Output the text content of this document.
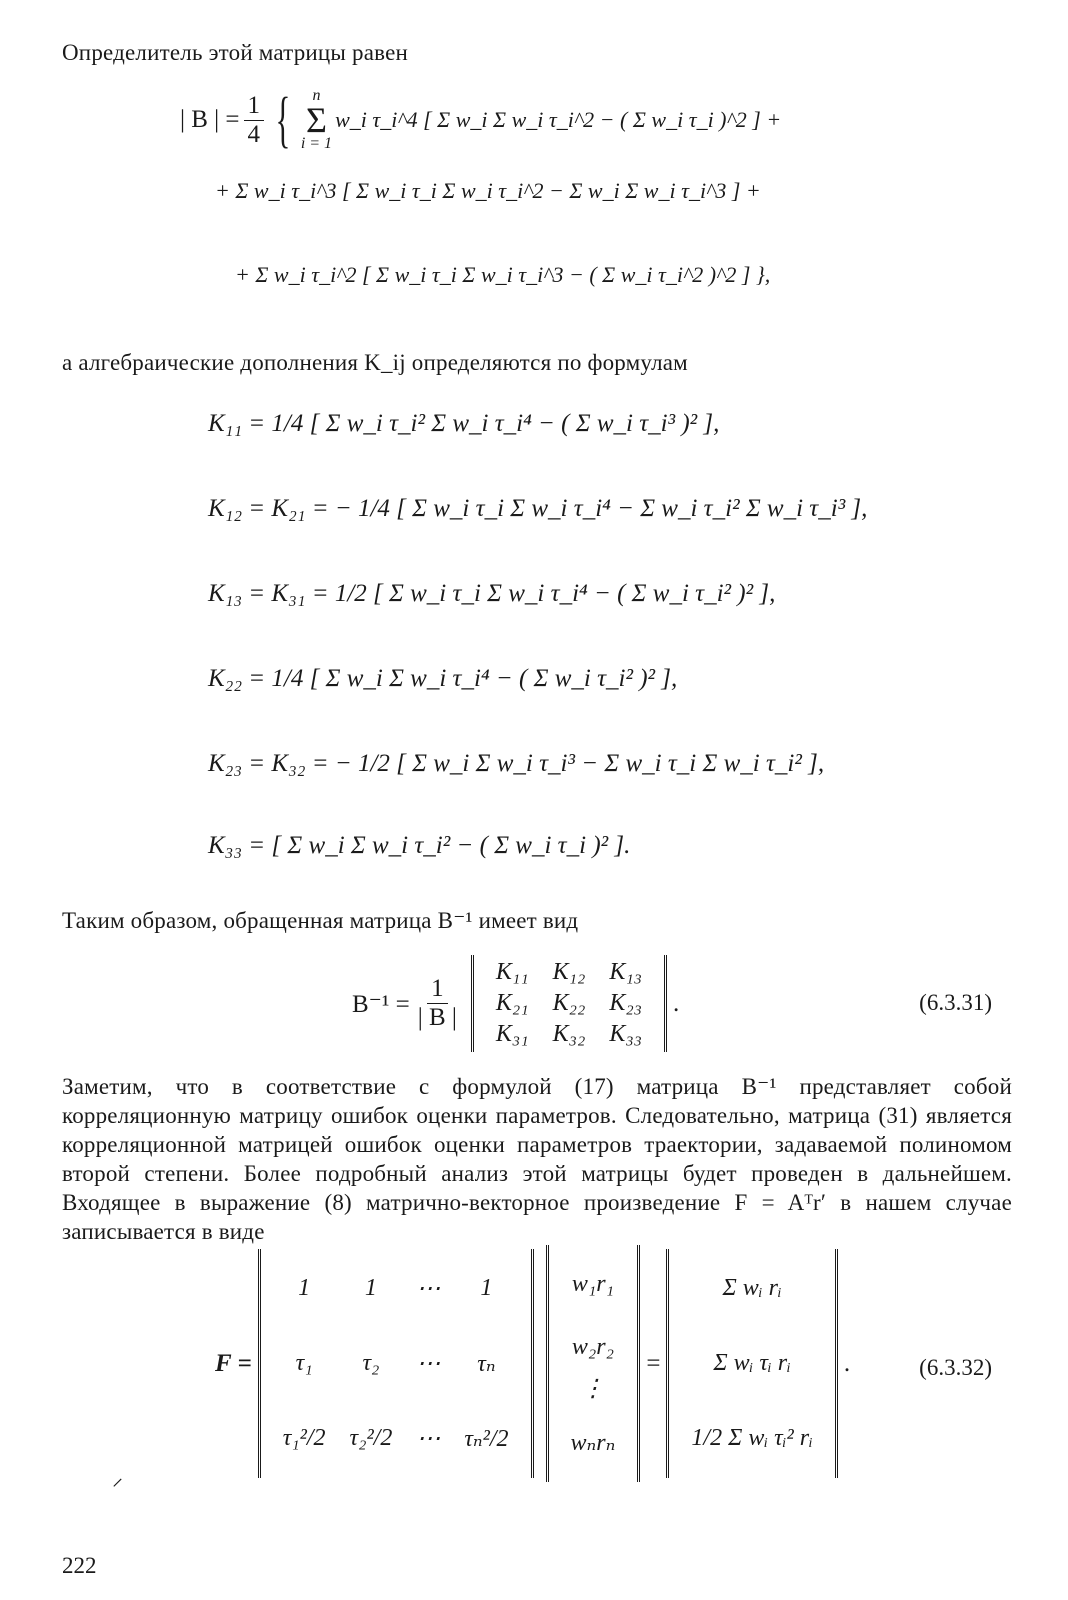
Определитель этой матрицы равен
| B | = $\frac{1}{4}$ { n
Σ
i = 1
w_i τ_i^4 [ Σ w_i Σ w_i τ_i^2 − ( Σ w_i τ_i )^2 ] +
+ Σ w_i τ_i^3 [ Σ w_i τ_i Σ w_i τ_i^2 − Σ w_i Σ w_i τ_i^3 ] +
+ Σ w_i τ_i^2 [ Σ w_i τ_i Σ w_i τ_i^3 − ( Σ w_i τ_i^2 )^2 ] },
а алгебраические дополнения K_ij определяются по формулам
K₁₁ = 1/4 [ Σ w_i τ_i² Σ w_i τ_i⁴ − ( Σ w_i τ_i³ )² ],
K₁₂ = K₂₁ = − 1/4 [ Σ w_i τ_i Σ w_i τ_i⁴ − Σ w_i τ_i² Σ w_i τ_i³ ],
K₁₃ = K₃₁ = 1/2 [ Σ w_i τ_i Σ w_i τ_i⁴ − ( Σ w_i τ_i² )² ],
K₂₂ = 1/4 [ Σ w_i Σ w_i τ_i⁴ − ( Σ w_i τ_i² )² ],
K₂₃ = K₃₂ = − 1/2 [ Σ w_i Σ w_i τ_i³ − Σ w_i τ_i Σ w_i τ_i² ],
K₃₃ = [ Σ w_i Σ w_i τ_i² − ( Σ w_i τ_i )² ].
Таким образом, обращенная матрица B⁻¹ имеет вид
$B^{-1} = \frac{1}{| B |}$
K₁₁	K₁₂	K₁₃
K₂₁	K₂₂	K₂₃
K₃₁	K₃₂	K₃₃
.	(6.3.31)
Заметим, что в соответствие с формулой (17) матрица B⁻¹ представляет собой корреляционную матрицу ошибок оценки параметров. Следовательно, матрица (31) является корреляционной матрицей ошибок оценки параметров траектории, задаваемой полиномом второй степени. Более подробный анализ этой матрицы будет проведен в дальнейшем. Входящее в выражение (8) матрично-векторное произведение F = Aᵀr′ в нашем случае записывается в виде
F =
1	1	⋯	1
τ₁	τ₂	⋯	τₙ
τ₁²/2	τ₂²/2	⋯	τₙ²/2
w₁r₁
w₂r₂
⋮
wₙrₙ
=
Σ wᵢ rᵢ
Σ wᵢ τᵢ rᵢ
1/2 Σ wᵢ τᵢ² rᵢ
.	(6.3.32)
⸝
222
